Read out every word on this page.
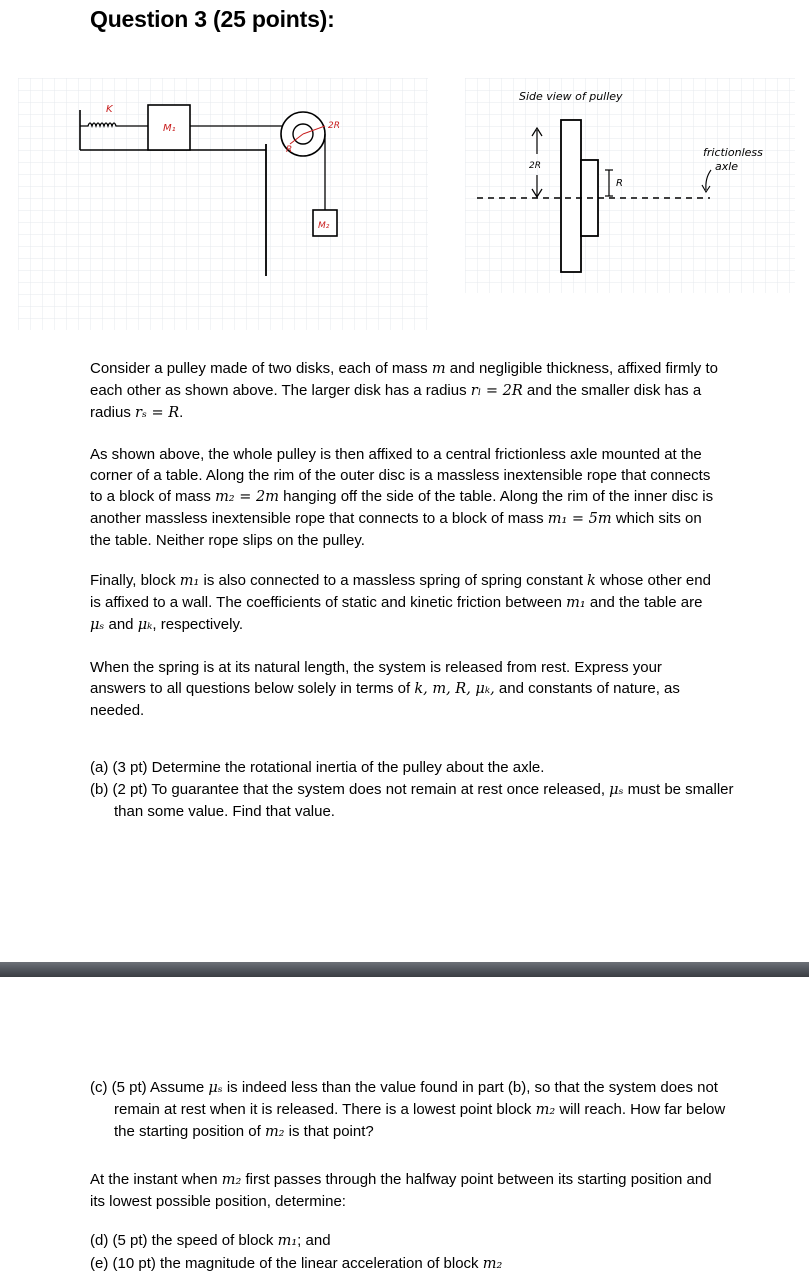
Question 3 (25 points):
K
M₁
R
2R
M₂
Side view of pulley
2R
R
frictionless
axle
Consider a pulley made of two disks, each of mass m and negligible thickness, affixed firmly to each other as shown above. The larger disk has a radius rₗ = 2R and the smaller disk has a radius rₛ = R.
As shown above, the whole pulley is then affixed to a central frictionless axle mounted at the corner of a table. Along the rim of the outer disc is a massless inextensible rope that connects to a block of mass m₂ = 2m hanging off the side of the table. Along the rim of the inner disc is another massless inextensible rope that connects to a block of mass m₁ = 5m which sits on the table. Neither rope slips on the pulley.
Finally, block m₁ is also connected to a massless spring of spring constant k whose other end is affixed to a wall. The coefficients of static and kinetic friction between m₁ and the table are μₛ and μₖ, respectively.
When the spring is at its natural length, the system is released from rest. Express your answers to all questions below solely in terms of k, m, R, μₖ, and constants of nature, as needed.
(a) (3 pt) Determine the rotational inertia of the pulley about the axle.
(b) (2 pt) To guarantee that the system does not remain at rest once released, μₛ must be smaller than some value. Find that value.
(c) (5 pt) Assume μₛ is indeed less than the value found in part (b), so that the system does not remain at rest when it is released. There is a lowest point block m₂ will reach. How far below the starting position of m₂ is that point?
At the instant when m₂ first passes through the halfway point between its starting position and its lowest possible position, determine:
(d) (5 pt) the speed of block m₁; and
(e) (10 pt) the magnitude of the linear acceleration of block m₂
